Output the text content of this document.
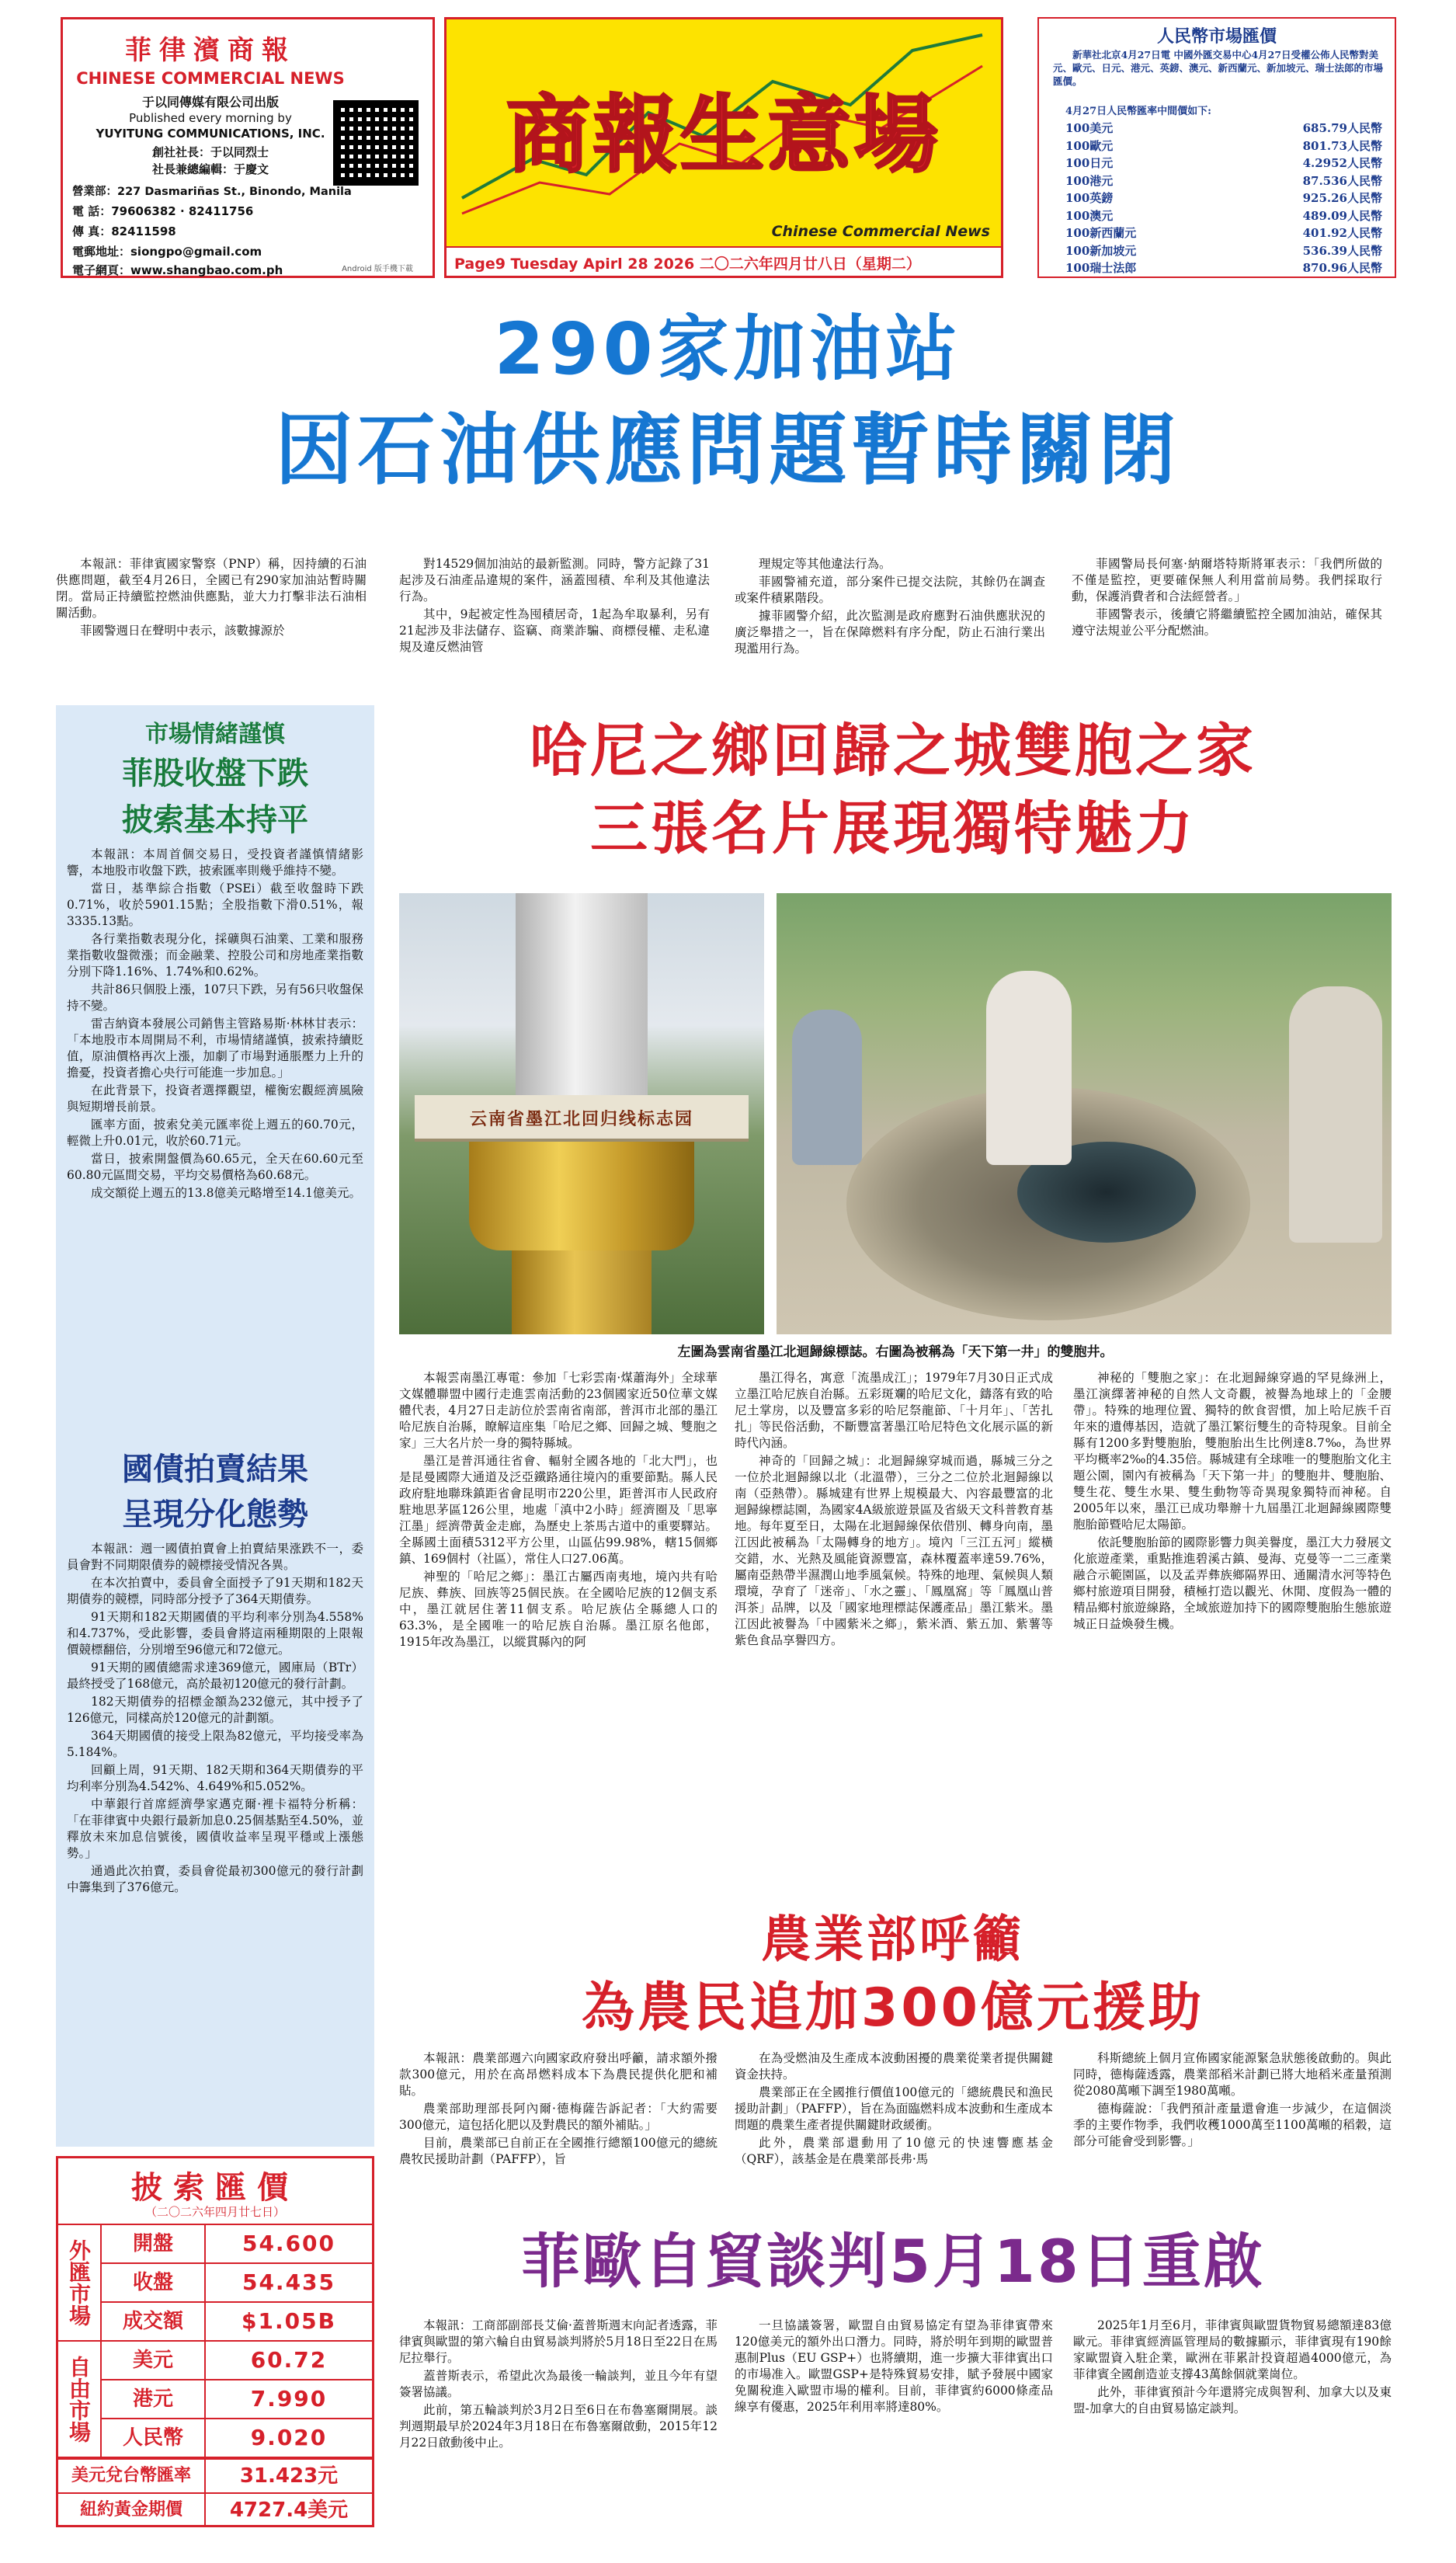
菲律濱商報
CHINESE COMMERCIAL NEWS
于以同傳媒有限公司出版
Published every morning by
YUYITUNG COMMUNICATIONS, INC.
創社社長：于以同烈士
社長兼總編輯：于慶文
營業部：227 Dasmariñas St., Binondo, Manila
電 話：79606382 · 82411756
傳 真：82411598
電郵地址：siongpo@gmail.com
電子網頁：www.shangbao.com.ph	Android 版手機下載
商報生意場
Chinese Commercial News
Page9 Tuesday Apirl 28 2026 二〇二六年四月廿八日（星期二）
人民幣市場匯價
新華社北京4月27日電 中國外匯交易中心4月27日受權公佈人民幣對美元、歐元、日元、港元、英鎊、澳元、新西蘭元、新加坡元、瑞士法郎的市場匯價。
4月27日人民幣匯率中間價如下:
100美元	685.79人民幣
100歐元	801.73人民幣
100日元	4.2952人民幣
100港元	87.536人民幣
100英鎊	925.26人民幣
100澳元	489.09人民幣
100新西蘭元	401.92人民幣
100新加坡元	536.39人民幣
100瑞士法郎	870.96人民幣
290家加油站
因石油供應問題暫時關閉

本報訊：菲律賓國家警察（PNP）稱，因持續的石油供應問題，截至4月26日，全國已有290家加油站暫時關閉。當局正持續監控燃油供應點，並大力打擊非法石油相關活動。

菲國警週日在聲明中表示，該數據源於

對14529個加油站的最新監測。同時，警方記錄了31起涉及石油產品違規的案件，涵蓋囤積、牟利及其他違法行為。

其中，9起被定性為囤積居奇，1起為牟取暴利，另有21起涉及非法儲存、盜竊、商業詐騙、商標侵權、走私違規及違反燃油管

理規定等其他違法行為。

菲國警補充道，部分案件已提交法院，其餘仍在調查或案件積累階段。

據菲國警介紹，此次監測是政府應對石油供應狀況的廣泛舉措之一，旨在保障燃料有序分配，防止石油行業出現濫用行為。

菲國警局長何塞·納爾塔特斯將軍表示：「我們所做的不僅是監控，更要確保無人利用當前局勢。我們採取行動，保護消費者和合法經營者。」

菲國警表示，後續它將繼續監控全國加油站，確保其遵守法規並公平分配燃油。

市場情緒謹慎
菲股收盤下跌
披索基本持平

本報訊：本周首個交易日，受投資者謹慎情緒影響，本地股市收盤下跌，披索匯率則幾乎維持不變。

當日，基準綜合指數（PSEi）截至收盤時下跌0.71%，收於5901.15點；全股指數下滑0.51%，報3335.13點。

各行業指數表現分化，採礦與石油業、工業和服務業指數收盤微漲；而金融業、控股公司和房地產業指數分別下降1.16%、1.74%和0.62%。

共計86只個股上漲，107只下跌，另有56只收盤保持不變。

雷吉納資本發展公司銷售主管路易斯·林林甘表示：「本地股市本周開局不利，市場情緒謹慎，披索持續貶值，原油價格再次上漲，加劇了市場對通脹壓力上升的擔憂，投資者擔心央行可能進一步加息。」

在此背景下，投資者選擇觀望，權衡宏觀經濟風險與短期增長前景。

匯率方面，披索兌美元匯率從上週五的60.70元，輕微上升0.01元，收於60.71元。

當日，披索開盤價為60.65元，全天在60.60元至60.80元區間交易，平均交易價格為60.68元。

成交額從上週五的13.8億美元略增至14.1億美元。

國債拍賣結果
呈現分化態勢

本報訊：週一國債拍賣會上拍賣結果涨跌不一，委員會對不同期限債券的競標接受情況各異。

在本次拍賣中，委員會全面授予了91天期和182天期債券的競標，同時部分授予了364天期債券。

91天期和182天期國債的平均利率分別為4.558%和4.737%，受此影響，委員會將這兩種期限的上限報價競標翻倍，分別增至96億元和72億元。

91天期的國債總需求達369億元，國庫局（BTr）最終授受了168億元，高於最初120億元的發行計劃。

182天期債券的招標金額為232億元，其中授予了126億元，同樣高於120億元的計劃額。

364天期國債的接受上限為82億元，平均接受率為5.184%。

回顧上周，91天期、182天期和364天期債券的平均利率分別為4.542%、4.649%和5.052%。

中華銀行首席經濟學家邁克爾·裡卡福特分析稱：「在菲律賓中央銀行最新加息0.25個基點至4.50%，並釋放未來加息信號後，國債收益率呈現平穩或上漲態勢。」

通過此次拍賣，委員會從最初300億元的發行計劃中籌集到了376億元。

披索匯價
（二〇二六年四月廿七日）
外匯市場
自由市場
開盤	54.600
收盤	54.435
成交額	$1.05B
美元	60.72
港元	7.990
人民幣	9.020
美元兌台幣匯率	31.423元
紐約黃金期價	4727.4美元
哈尼之鄉回歸之城雙胞之家
三張名片展現獨特魅力
云南省墨江北回归线标志园
左圖為雲南省墨江北迴歸線標誌。右圖為被稱為「天下第一井」的雙胞井。

本報雲南墨江專電：參加「七彩雲南·煤蕭海外」全球華文媒體聯盟中國行走進雲南活動的23個國家近50位華文媒體代表，4月27日走訪位於雲南省南部，普洱市北部的墨江哈尼族自治縣，瞭解這座集「哈尼之鄉、回歸之城、雙胞之家」三大名片於一身的獨特縣城。

墨江是普洱通往省會、輻射全國各地的「北大門」，也是昆曼國際大通道及泛亞鐵路通往境內的重要節點。縣人民政府駐地聯珠鎮距省會昆明市220公里，距普洱市人民政府駐地思茅區126公里，地處「滇中2小時」經濟圈及「思寧江墨」經濟帶黃金走廊，為歷史上茶馬古道中的重要驛站。全縣國土面積5312平方公里，山區佔99.98%，轄15個鄉鎮、169個村（社區），常住人口27.06萬。

神聖的「哈尼之鄉」：墨江古屬西南夷地，境內共有哈尼族、彝族、回族等25個民族。在全國哈尼族的12個支系中，墨江就居住著11個支系。哈尼族佔全縣總人口的63.3%，是全國唯一的哈尼族自治縣。墨江原名他郎，1915年改為墨江，以縱貫縣內的阿

墨江得名，寓意「流墨成江」；1979年7月30日正式成立墨江哈尼族自治縣。五彩斑斕的哈尼文化，鑄落有致的哈尼土掌房，以及豐富多彩的哈尼祭龍節、「十月年」、「苦扎扎」等民俗活動，不斷豐富著墨江哈尼特色文化展示區的新時代內涵。

神奇的「回歸之城」：北迴歸線穿城而過，縣城三分之一位於北迴歸線以北（北溫帶），三分之二位於北迴歸線以南（亞熱帶）。縣城建有世界上規模最大、內容最豐富的北迴歸線標誌園，為國家4A級旅遊景區及省級天文科普教育基地。每年夏至日，太陽在北迴歸線保依借別、轉身向南，墨江因此被稱為「太陽轉身的地方」。境內「三江五河」縱橫交錯，水、光熱及風能資源豐富，森林覆蓋率達59.76%，屬南亞熱帶半濕潤山地季風氣候。特殊的地理、氣候與人類環境，孕育了「迷帝」、「水之靈」、「鳳凰窩」等「鳳凰山普洱茶」品牌，以及「國家地理標誌保護產品」墨江紫米。墨江因此被譽為「中國紫米之鄉」，紫米酒、紫五加、紫薯等紫色食品享譽四方。

神秘的「雙胞之家」：在北迴歸線穿過的罕見綠洲上，墨江演繹著神秘的自然人文奇觀，被譽為地球上的「金腰帶」。特殊的地理位置、獨特的飲食習慣，加上哈尼族千百年來的遺傳基因，造就了墨江繁衍雙生的奇特現象。目前全縣有1200多對雙胞胎，雙胞胎出生比例達8.7‰，為世界平均概率2‰的4.35倍。縣城建有全球唯一的雙胞胎文化主題公園，園內有被稱為「天下第一井」的雙胞井、雙胞胎、雙生花、雙生水果、雙生動物等奇異現象獨特而神秘。自2005年以來，墨江已成功舉辦十九屆墨江北迴歸線國際雙胞胎節暨哈尼太陽節。

依託雙胞胎節的國際影響力與美譽度，墨江大力發展文化旅遊產業，重點推進碧溪古鎮、曼海、克曼等一二三產業融合示範園區，以及孟弄彝族鄉隔界田、通關清水河等特色鄉村旅遊項目開發，積極打造以觀光、休閒、度假為一體的精品鄉村旅遊線路，全域旅遊加持下的國際雙胞胎生態旅遊城正日益煥發生機。

農業部呼籲
為農民追加300億元援助

本報訊：農業部週六向國家政府發出呼籲，請求額外撥款300億元，用於在高昂燃料成本下為農民提供化肥和補貼。

農業部助理部長阿內爾·德梅薩告訴記者：「大約需要300億元，這包括化肥以及對農民的額外補貼。」

目前，農業部已自前正在全國推行總額100億元的總統農牧民援助計劃（PAFFP），旨

在為受燃油及生產成本波動困擾的農業從業者提供關鍵資金扶持。

農業部正在全國推行價值100億元的「總統農民和漁民援助計劃」（PAFFP），旨在為面臨燃料成本波動和生產成本問題的農業生產者提供關鍵財政緩衝。

此外，農業部還動用了10億元的快速響應基金（QRF），該基金是在農業部長弗·馬

科斯總統上個月宣佈國家能源緊急狀態後啟動的。與此同時，德梅薩透露，農業部稻米計劃已將大地稻米產量預測從2080萬噸下調至1980萬噸。

德梅薩說：「我們預計產量還會進一步減少，在這個淡季的主要作物季，我們收穫1000萬至1100萬噸的稻穀，這部分可能會受到影響。」

菲歐自貿談判5月18日重啟

本報訊：工商部副部長艾倫·蓋普斯週末向記者透露，菲律賓與歐盟的第六輪自由貿易談判將於5月18日至22日在馬尼拉舉行。

蓋普斯表示，希望此次為最後一輪談判，並且今年有望簽署協議。

此前，第五輪談判於3月2日至6日在布魯塞爾開展。談判週期最早於2024年3月18日在布魯塞爾啟動，2015年12月22日啟動後中止。

一旦協議簽署，歐盟自由貿易協定有望為菲律賓帶來120億美元的額外出口潛力。同時，將於明年到期的歐盟普惠制Plus（EU GSP+）也將續期，進一步擴大菲律賓出口的市場准入。歐盟GSP+是特殊貿易安排，賦予發展中國家免關稅進入歐盟市場的權利。目前，菲律賓約6000條產品線享有優惠，2025年利用率將達80%。

2025年1月至6月，菲律賓與歐盟貨物貿易總額達83億歐元。菲律賓經濟區管理局的數據顯示，菲律賓現有190餘家歐盟資入駐企業，歐洲在菲累計投資超過4000億元，為菲律賓全國創造並支撐43萬餘個就業崗位。

此外，菲律賓預計今年還將完成與智利、加拿大以及東盟-加拿大的自由貿易協定談判。
